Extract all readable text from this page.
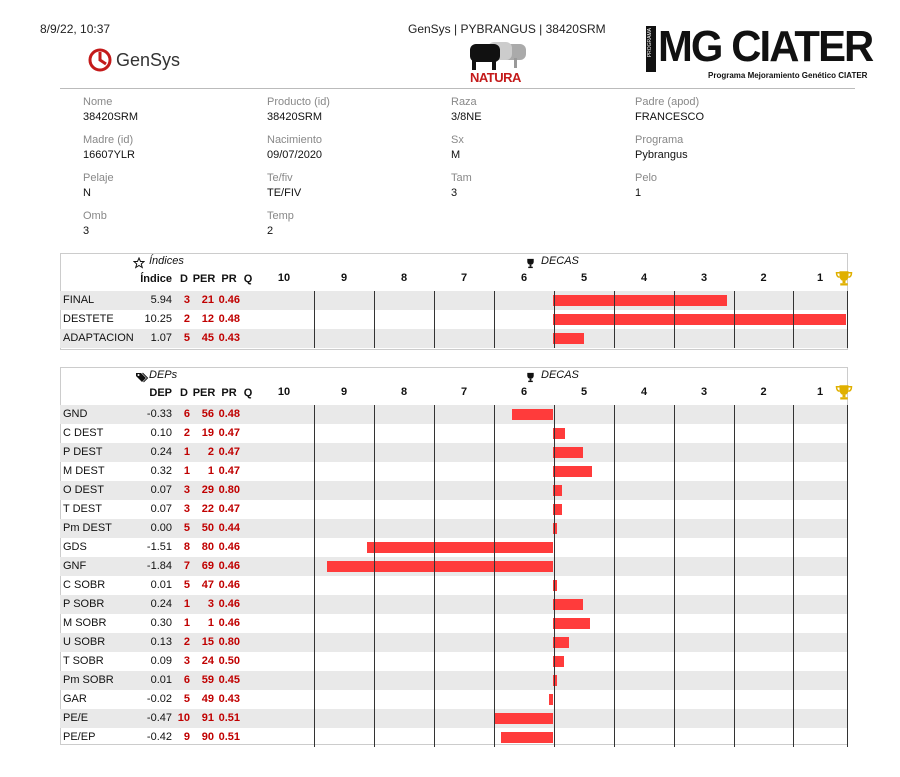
8/9/22, 10:37	GenSys | PYBRANGUS | 38420SRM
GenSys
NATURA
PROGRAMA MG CIATER
Programa Mejoramiento Genético CIATER
Nome
38420SRM
Producto (id)
38420SRM
Raza
3/8NE
Padre (apod)
FRANCESCO
Madre (id)
16607YLR
Nacimiento
09/07/2020
Sx
M
Programa
Pybrangus
Pelaje
N
Te/fiv
TE/FIV
Tam
3
Pelo
1
Omb
3
Temp
2
Índices	DECAS
Índice D PER PR Q	10	9	8	7	6	5	4	3	2	1
FINAL	5.94	3	21 0.46
DESTETE	10.25	2	12 0.48
ADAPTACION	1.07	5	45 0.43
DEPs	DECAS
DEP D PER PR Q	10	9	8	7	6	5	4	3	2	1
GND	-0.33	6	56 0.48
C DEST	0.10	2	19 0.47
P DEST	0.24	1	2 0.47
M DEST	0.32	1	1 0.47
O DEST	0.07	3	29 0.80
T DEST	0.07	3	22 0.47
Pm DEST	0.00	5	50 0.44
GDS	-1.51	8	80 0.46
GNF	-1.84	7	69 0.46
C SOBR	0.01	5	47 0.46
P SOBR	0.24	1	3 0.46
M SOBR	0.30	1	1 0.46
U SOBR	0.13	2	15 0.80
T SOBR	0.09	3	24 0.50
Pm SOBR	0.01	6	59 0.45
GAR	-0.02	5	49 0.43
PE/E	-0.47 10	91 0.51
PE/EP	-0.42	9	90 0.51
